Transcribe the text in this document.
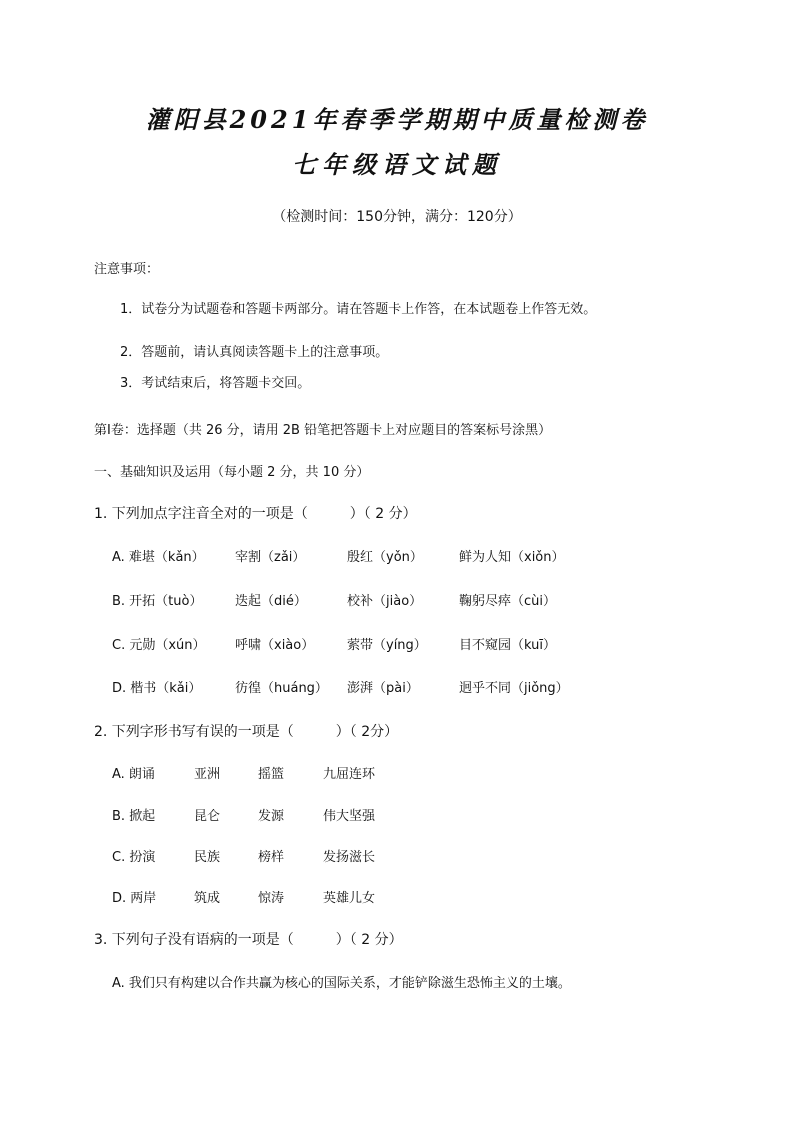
灌阳县2021年春季学期期中质量检测卷
七年级语文试题
（检测时间：150分钟，满分：120分）
注意事项：
1．试卷分为试题卷和答题卡两部分。请在答题卡上作答，在本试题卷上作答无效。
2．答题前，请认真阅读答题卡上的注意事项。
3．考试结束后，将答题卡交回。
第Ⅰ卷：选择题（共 26 分，请用 2B 铅笔把答题卡上对应题目的答案标号涂黑）
一、基础知识及运用（每小题 2 分，共 10 分）
1. 下列加点字注音全对的一项是（　　　）（ 2 分）
A. 难堪（kǎn） 宰割（zǎi）	殷红（yǒn）	鲜为人知（xiǒn）
B. 开拓（tuò）	迭起（dié）	校补（jiào）	鞠躬尽瘁（cùi）
C. 元勋（xún） 呼啸（xiào）	萦带（yíng） 目不窥园（kuī）
D. 楷书（kǎi）	彷徨（huáng） 澎湃（pài）	迥乎不同（jiǒng）
2. 下列字形书写有误的一项是（　　　）（ 2分）
A. 朗诵	亚洲	摇篮	九屈连环
B. 掀起	昆仑	发源	伟大坚强
C. 扮演	民族	榜样	发扬滋长
D. 两岸	筑成	惊涛	英雄儿女
3. 下列句子没有语病的一项是（　　　）（ 2 分）
A. 我们只有构建以合作共赢为核心的国际关系，才能铲除滋生恐怖主义的土壤。
